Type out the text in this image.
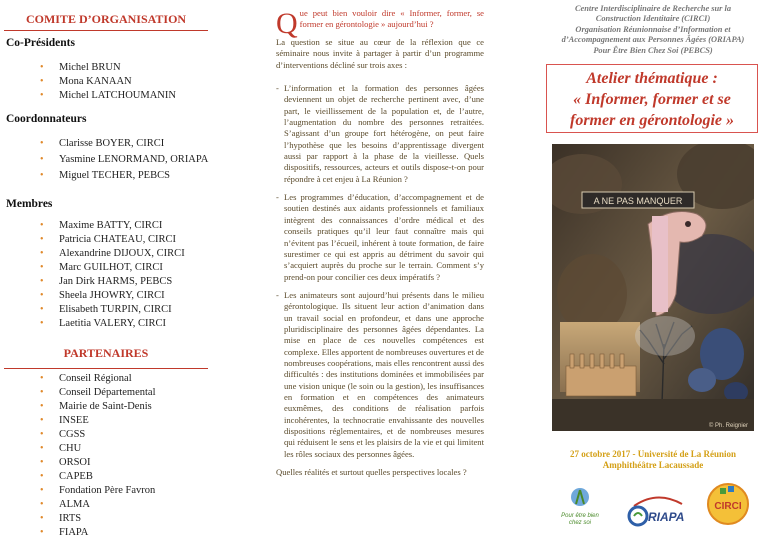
COMITE D’ORGANISATION
Co-Présidents
• Michel BRUN
• Mona KANAAN
• Michel LATCHOUMANIN
Coordonnateurs
• Clarisse BOYER, CIRCI
• Yasmine LENORMAND, ORIAPA
• Miguel TECHER, PEBCS
Membres
• Maxime BATTY, CIRCI
• Patricia CHATEAU, CIRCI
• Alexandrine DIJOUX, CIRCI
• Marc GUILHOT, CIRCI
• Jan Dirk HARMS, PEBCS
• Sheela JHOWRY, CIRCI
• Elisabeth TURPIN, CIRCI
• Laetitia VALERY, CIRCI
PARTENAIRES
• Conseil Régional
• Conseil Départemental
• Mairie de Saint-Denis
• INSEE
• CGSS
• CHU
• ORSOI
• CAPEB
• Fondation Père Favron
• ALMA
• IRTS
• FIAPA
Q ue peut bien vouloir dire « Informer, former, se former en gérontologie » aujourd’hui ?
La question se situe au cœur de la réflexion que ce séminaire nous invite à partager à partir d’un programme d’interventions décliné sur trois axes :
- L’information et la formation des personnes âgées deviennent un objet de recherche pertinent avec, d’une part, le vieillissement de la population et, de l’autre, l’augmentation du nombre des personnes retraitées. S’agissant d’un groupe fort hétérogène, on peut faire l’hypothèse que les besoins d’apprentissage divergent aussi par rapport à la phase de la vieillesse. Quels dispositifs, ressources, acteurs et outils dispose-t-on pour répondre à cet enjeu à La Réunion ?
- Les programmes d’éducation, d’accompagnement et de soutien destinés aux aidants professionnels et familiaux intègrent des connaissances d’ordre médical et des conseils pratiques qu’il leur faut connaître mais qui n’évitent pas l’écueil, inhérent à toute formation, de faire surestimer ce qui est appris au détriment du savoir qui s’acquiert auprès du proche sur le terrain. Comment s’y prend-on pour concilier ces deux impératifs ?
- Les animateurs sont aujourd’hui présents dans le milieu gérontologique. Ils situent leur action d’animation dans un travail social en profondeur, et dans une approche pluridisciplinaire des personnes âgées dépendantes. La mise en place de ces nouvelles compétences est complexe. Elles apportent de nombreuses ouvertures et de nombreuses coopérations, mais elles rencontrent aussi des difficultés : des institutions dominées et immobilisées par une vision unique (le soin ou la gestion), les insuffisances en formation et en compétences des animateurs euxmêmes, des conditions de réalisation parfois incohérentes, la technocratie envahissante des nouvelles dispositions réglementaires, et de nombreuses mesures qui réduisent le sens et les plaisirs de la vie et qui limitent les rôles sociaux des personnes âgées.
Quelles réalités et surtout quelles perspectives locales ?
Centre Interdisciplinaire de Recherche sur la
Construction Identitaire (CIRCI)
Organisation Réunionnaise d’Information et
d’Accompagnement aux Personnes Âgées (ORIAPA)
Pour Être Bien Chez Soi (PEBCS)
Atelier thématique :
« Informer, former et se
former en gérontologie »
A NE PAS MANQUER
© Ph. Reignier
27 octobre 2017 - Université de La Réunion
Amphithéâtre Lacaussade
Pour être bien
chez soi	RIAPA
CIRCI
